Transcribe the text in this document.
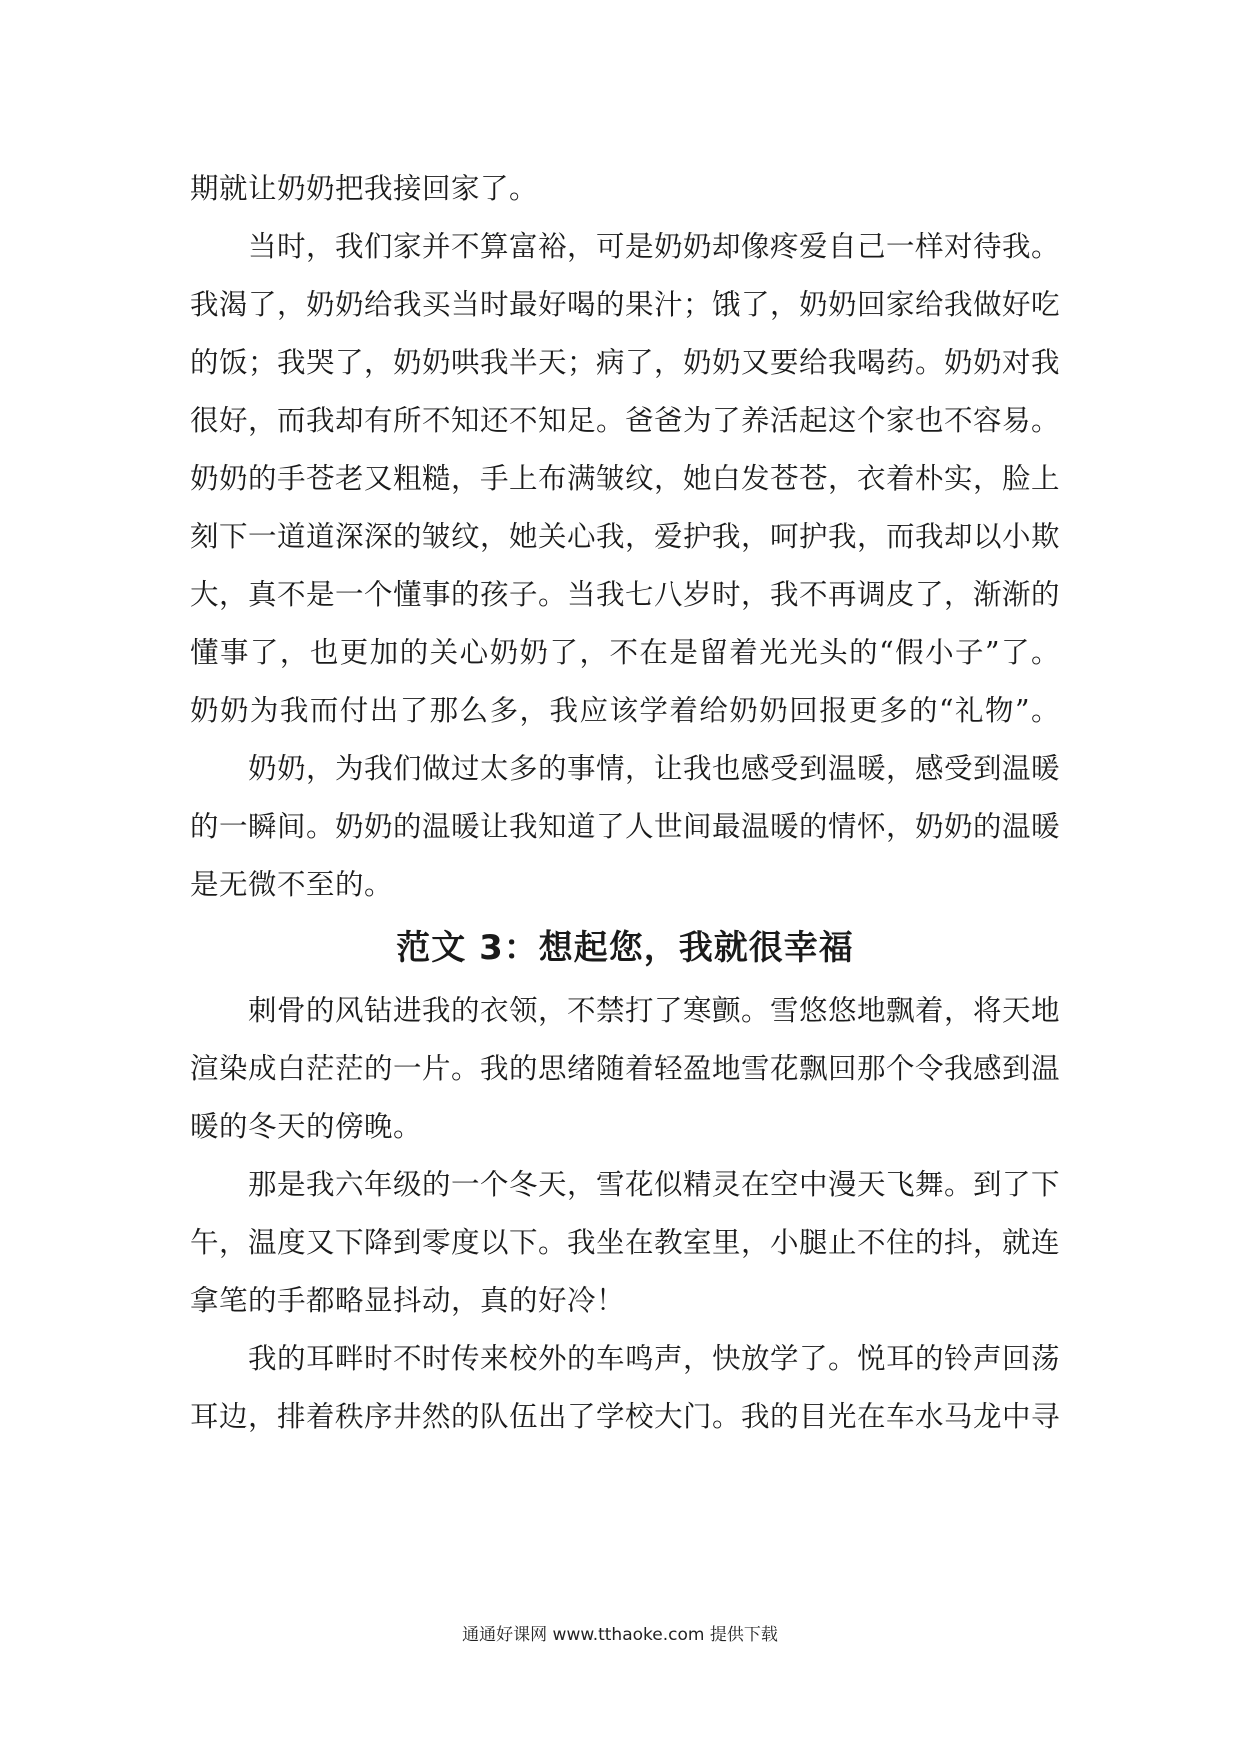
期就让奶奶把我接回家了。

当时，我们家并不算富裕，可是奶奶却像疼爱自己一样对待我。

我渴了，奶奶给我买当时最好喝的果汁；饿了，奶奶回家给我做好吃

的饭；我哭了，奶奶哄我半天；病了，奶奶又要给我喝药。奶奶对我

很好，而我却有所不知还不知足。爸爸为了养活起这个家也不容易。

奶奶的手苍老又粗糙，手上布满皱纹，她白发苍苍，衣着朴实，脸上

刻下一道道深深的皱纹，她关心我，爱护我，呵护我，而我却以小欺

大，真不是一个懂事的孩子。当我七八岁时，我不再调皮了，渐渐的

懂事了，也更加的关心奶奶了，不在是留着光光头的“假小子”了。

奶奶为我而付出了那么多，我应该学着给奶奶回报更多的“礼物”。

奶奶，为我们做过太多的事情，让我也感受到温暖，感受到温暖

的一瞬间。奶奶的温暖让我知道了人世间最温暖的情怀，奶奶的温暖

是无微不至的。

范文 3：想起您，我就很幸福

刺骨的风钻进我的衣领，不禁打了寒颤。雪悠悠地飘着，将天地

渲染成白茫茫的一片。我的思绪随着轻盈地雪花飘回那个令我感到温

暖的冬天的傍晚。

那是我六年级的一个冬天，雪花似精灵在空中漫天飞舞。到了下

午，温度又下降到零度以下。我坐在教室里，小腿止不住的抖，就连

拿笔的手都略显抖动，真的好冷！

我的耳畔时不时传来校外的车鸣声，快放学了。悦耳的铃声回荡

耳边，排着秩序井然的队伍出了学校大门。我的目光在车水马龙中寻

通通好课网 www.tthaoke.com 提供下载
